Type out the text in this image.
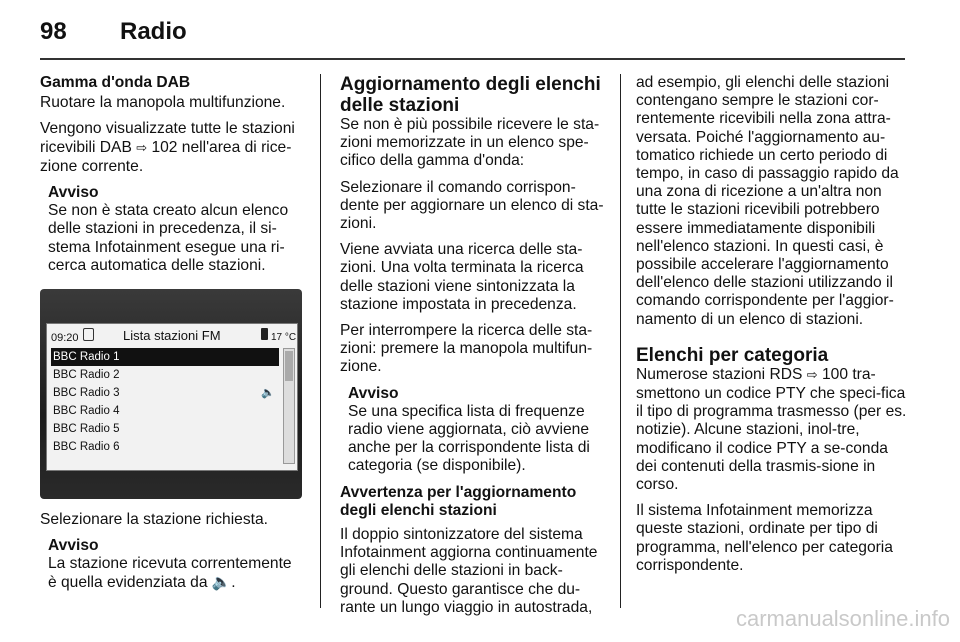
98 Radio

Gamma d'onda DAB

Ruotare la manopola multifunzione.

Vengono visualizzate tutte le stazioni ricevibili DAB ⇨ 102 nell'area di rice-zione corrente.

Avviso

Se non è stata creato alcun elenco delle stazioni in precedenza, il si-stema Infotainment esegue una ri-cerca automatica delle stazioni.

09:20	Lista stazioni FM	17 °C
BBC Radio 1
BBC Radio 2
BBC Radio 3	🔈
BBC Radio 4
BBC Radio 5
BBC Radio 6

Selezionare la stazione richiesta.

Avviso

La stazione ricevuta correntemente è quella evidenziata da 🔈.

Aggiornamento degli elenchi delle stazioni

Se non è più possibile ricevere le sta-zioni memorizzate in un elenco spe-cifico della gamma d'onda:

Selezionare il comando corrispon-dente per aggiornare un elenco di sta-zioni.

Viene avviata una ricerca delle sta-zioni. Una volta terminata la ricerca delle stazioni viene sintonizzata la stazione impostata in precedenza.

Per interrompere la ricerca delle sta-zioni: premere la manopola multifun-zione.

Avviso

Se una specifica lista di frequenze radio viene aggiornata, ciò avviene anche per la corrispondente lista di categoria (se disponibile).

Avvertenza per l'aggiornamento degli elenchi stazioni

Il doppio sintonizzatore del sistema Infotainment aggiorna continuamente gli elenchi delle stazioni in back-ground. Questo garantisce che du-rante un lungo viaggio in autostrada,

ad esempio, gli elenchi delle stazioni contengano sempre le stazioni cor-rentemente ricevibili nella zona attra-versata. Poiché l'aggiornamento au-tomatico richiede un certo periodo di tempo, in caso di passaggio rapido da una zona di ricezione a un'altra non tutte le stazioni ricevibili potrebbero essere immediatamente disponibili nell'elenco stazioni. In questi casi, è possibile accelerare l'aggiornamento dell'elenco delle stazioni utilizzando il comando corrispondente per l'aggior-namento di un elenco di stazioni.

Elenchi per categoria

Numerose stazioni RDS ⇨ 100 tra-smettono un codice PTY che speci-fica il tipo di programma trasmesso (per es. notizie). Alcune stazioni, inol-tre, modificano il codice PTY a se-conda dei contenuti della trasmis-sione in corso.

Il sistema Infotainment memorizza queste stazioni, ordinate per tipo di programma, nell'elenco per categoria corrispondente.

carmanualsonline.info
